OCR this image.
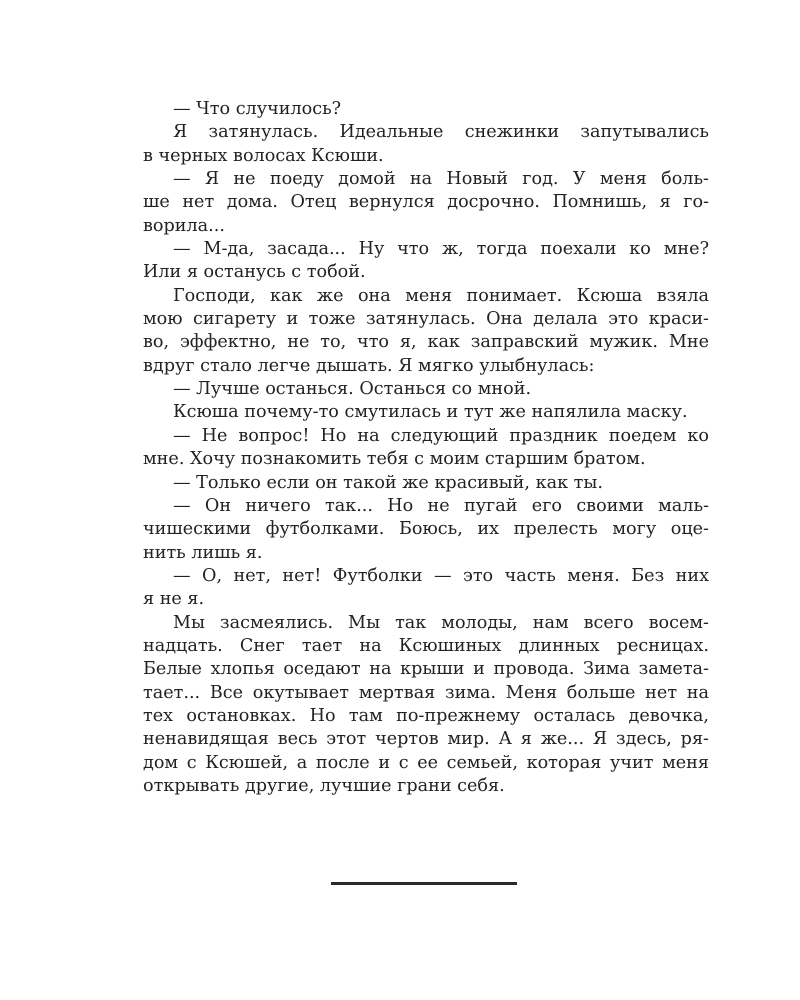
— Что случилось?
Я затянулась. Идеальные снежинки запутывались
в черных волосах Ксюши.
— Я не поеду домой на Новый год. У меня боль-
ше нет дома. Отец вернулся досрочно. Помнишь, я го-
ворила...
— М-да, засада... Ну что ж, тогда поехали ко мне?
Или я останусь с тобой.
Господи, как же она меня понимает. Ксюша взяла
мою сигарету и тоже затянулась. Она делала это краси-
во, эффектно, не то, что я, как заправский мужик. Мне
вдруг стало легче дышать. Я мягко улыбнулась:
— Лучше останься. Останься со мной.
Ксюша почему-то смутилась и тут же напялила маску.
— Не вопрос! Но на следующий праздник поедем ко
мне. Хочу познакомить тебя с моим старшим братом.
— Только если он такой же красивый, как ты.
— Он ничего так... Но не пугай его своими маль-
чишескими футболками. Боюсь, их прелесть могу оце-
нить лишь я.
— О, нет, нет! Футболки — это часть меня. Без них
я не я.
Мы засмеялись. Мы так молоды, нам всего восем-
надцать. Снег тает на Ксюшиных длинных ресницах.
Белые хлопья оседают на крыши и провода. Зима замета-
тает... Все окутывает мертвая зима. Меня больше нет на
тех остановках. Но там по-прежнему осталась девочка,
ненавидящая весь этот чертов мир. А я же... Я здесь, ря-
дом с Ксюшей, а после и с ее семьей, которая учит меня
открывать другие, лучшие грани себя.
